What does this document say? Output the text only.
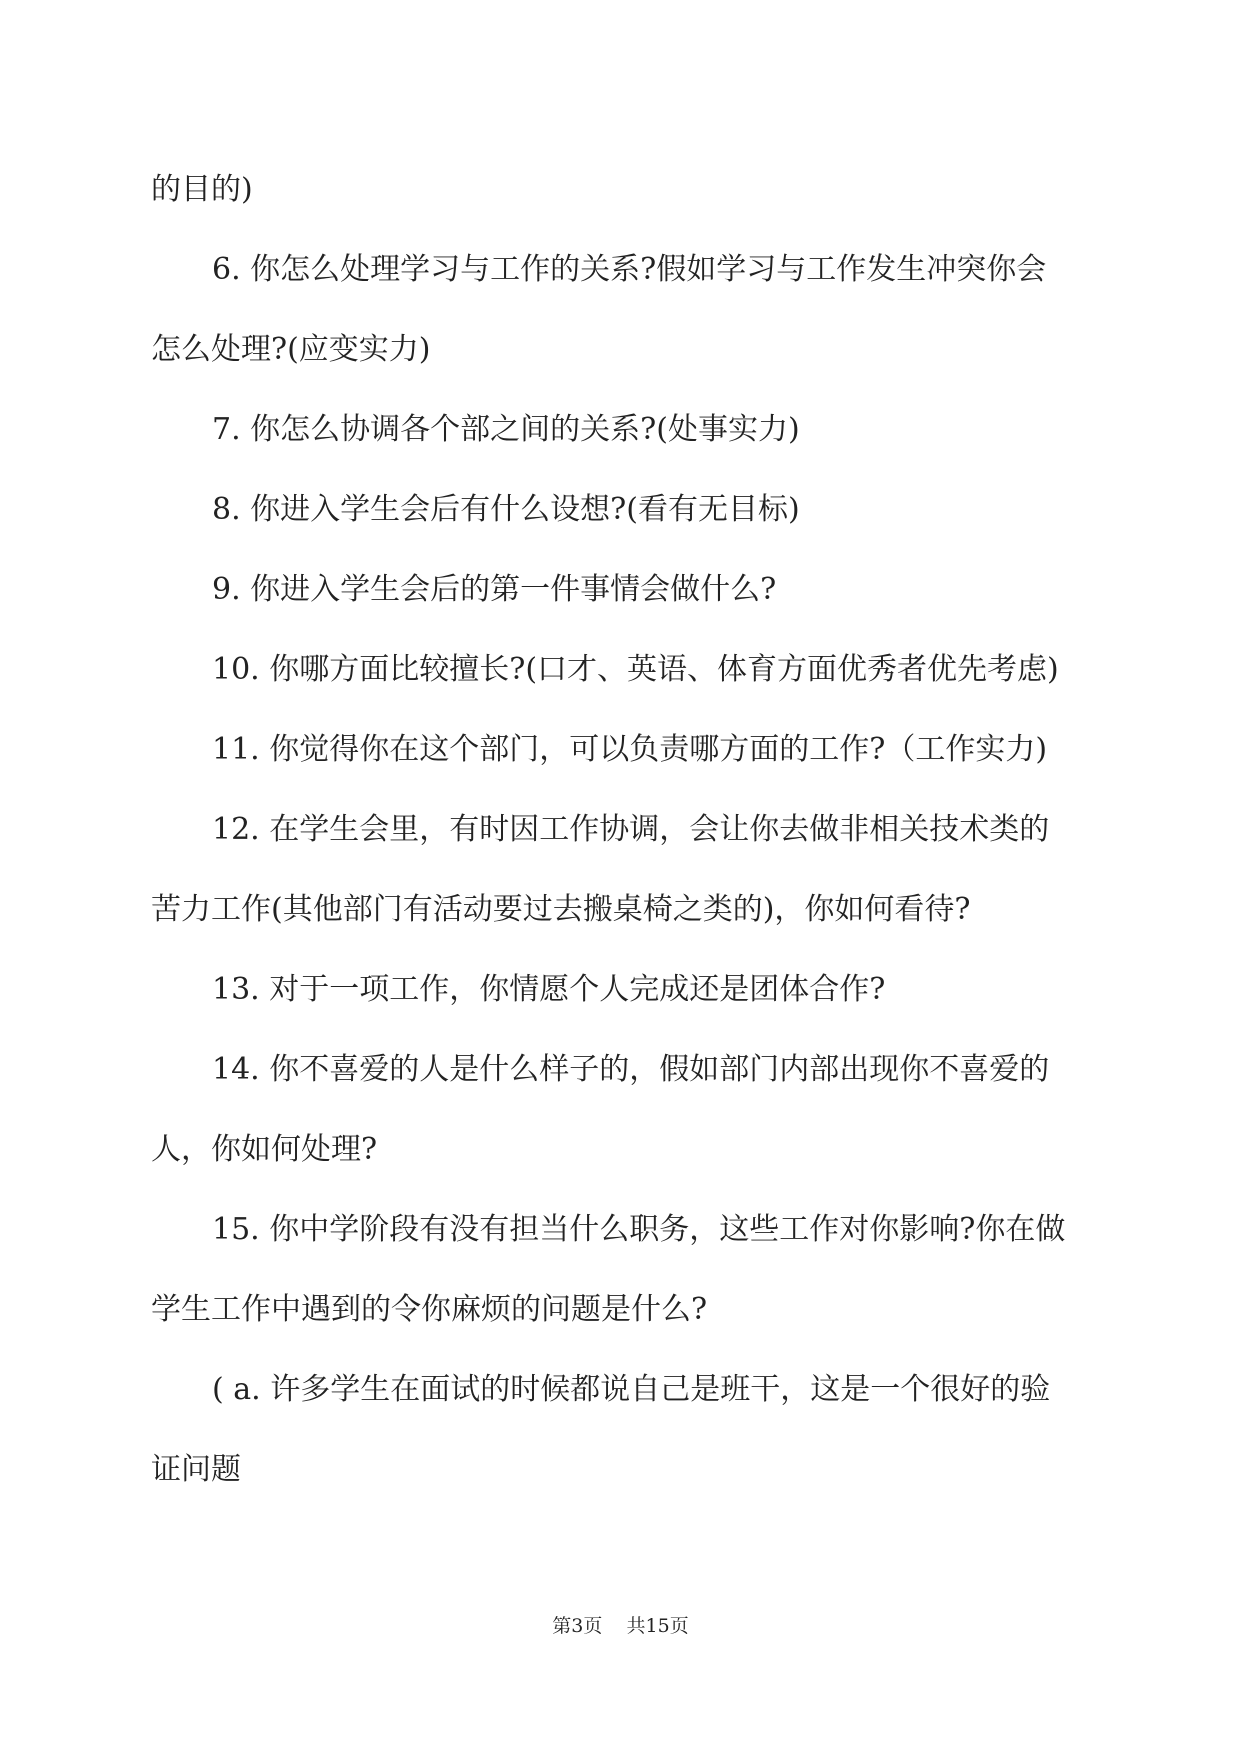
的目的)

6. 你怎么处理学习与工作的关系?假如学习与工作发生冲突你会

怎么处理?(应变实力)

7. 你怎么协调各个部之间的关系?(处事实力)

8. 你进入学生会后有什么设想?(看有无目标)

9. 你进入学生会后的第一件事情会做什么?

10. 你哪方面比较擅长?(口才、英语、体育方面优秀者优先考虑)

11. 你觉得你在这个部门，可以负责哪方面的工作?（工作实力)

12. 在学生会里，有时因工作协调，会让你去做非相关技术类的

苦力工作(其他部门有活动要过去搬桌椅之类的)，你如何看待?

13. 对于一项工作，你情愿个人完成还是团体合作?

14. 你不喜爱的人是什么样子的，假如部门内部出现你不喜爱的

人，你如何处理?

15. 你中学阶段有没有担当什么职务，这些工作对你影响?你在做

学生工作中遇到的令你麻烦的问题是什么?

( a. 许多学生在面试的时候都说自己是班干，这是一个很好的验

证问题

第3页    共15页
